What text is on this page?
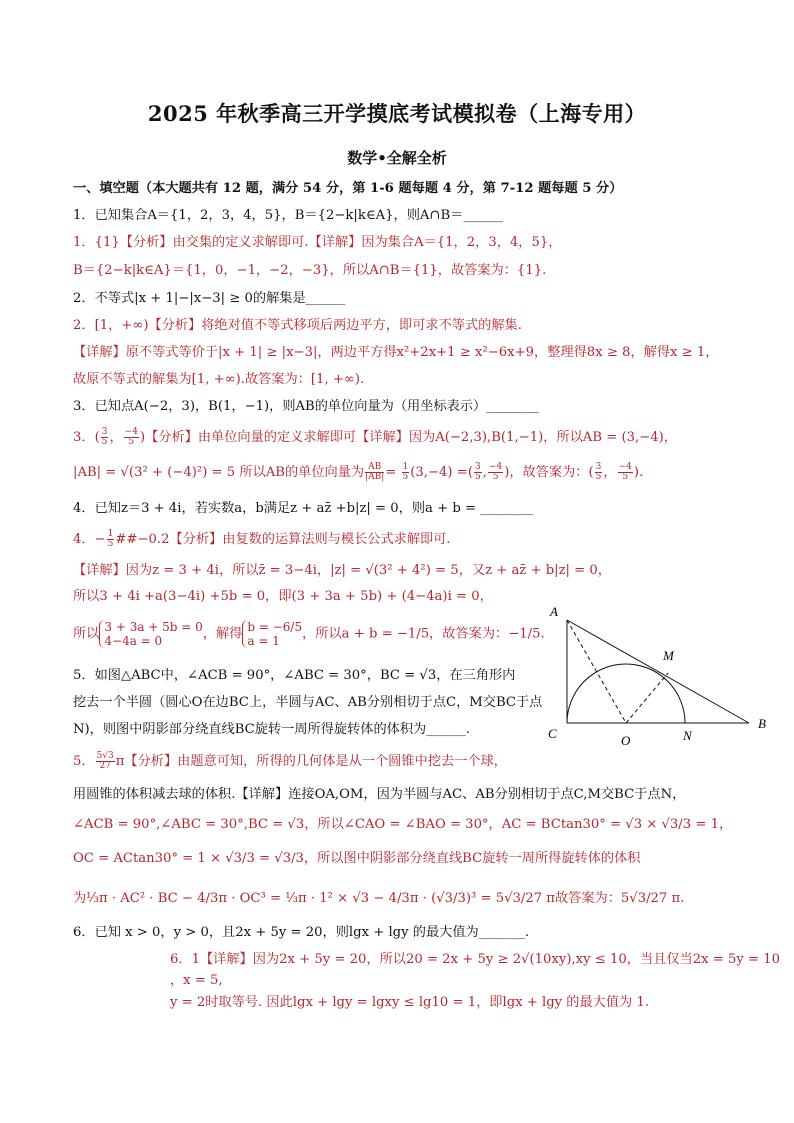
2025 年秋季高三开学摸底考试模拟卷（上海专用）
数学•全解全析
一、填空题（本大题共有 12 题，满分 54 分，第 1-6 题每题 4 分，第 7-12 题每题 5 分）
1．已知集合A＝{1，2，3，4，5}，B＝{2−k|k∈A}，则A∩B＝______
1．{1}【分析】由交集的定义求解即可.【详解】因为集合A＝{1，2，3，4，5}，
B＝{2−k|k∈A}＝{1，0，−1，−2，−3}，所以A∩B＝{1}，故答案为：{1}.
2．不等式|x + 1|−|x−3| ≥ 0的解集是______
2．[1，+∞)【分析】将绝对值不等式移项后两边平方，即可求不等式的解集.
【详解】原不等式等价于|x + 1| ≥ |x−3|，两边平方得x²+2x+1 ≥ x²−6x+9，整理得8x ≥ 8，解得x ≥ 1，
故原不等式的解集为[1, +∞).故答案为：[1, +∞).
3．已知点A(−2，3)，B(1，−1)，则AB的单位向量为（用坐标表示）________
3．( $\frac{3}{5}$ ， $\frac{-4}{5}$ )【分析】由单位向量的定义求解即可【详解】因为A(−2,3),B(1,−1)，所以AB = (3,−4)，
|AB| = √(3² + (−4)²) = 5 所以AB的单位向量为 $\frac{AB}{|AB|} = \frac{1}{5} (3,-4)$ =( $\frac{3}{5}$ , $\frac{-4}{5}$ )，故答案为：( $\frac{3}{5}$ ， $\frac{-4}{5}$ ).
4．已知z＝3 + 4i，若实数a，b满足z + az̄ +b|z| = 0，则a + b = ________
4．− $\frac{1}{5}$ ##−0.2【分析】由复数的运算法则与模长公式求解即可.
【详解】因为z = 3 + 4i，所以z̄ = 3−4i，|z| = √(3² + 4²) = 5，又z + az̄ + b|z| = 0，
所以3 + 4i +a(3−4i) +5b = 0，即(3 + 3a + 5b) + (4−4a)i = 0，
所以 3 + 3a + 5b = 0
4−4a = 0	，解得 b = −6/5
a = 1	，所以a + b = −1/5，故答案为：−1/5.
5．如图△ABC中，∠ACB = 90°，∠ABC = 30°，BC = √3，在三角形内
挖去一个半圆（圆心O在边BC上，半圆与AC、AB分别相切于点C，M交BC于点
N)，则图中阴影部分绕直线BC旋转一周所得旋转体的体积为______.
5． $\frac{5√3}{27}$ π【分析】由题意可知，所得的几何体是从一个圆锥中挖去一个球，
用圆锥的体积减去球的体积.【详解】连接OA,OM，因为半圆与AC、AB分别相切于点C,M交BC于点N，
∠ACB = 90°,∠ABC = 30°,BC = √3，所以∠CAO = ∠BAO = 30°，AC = BCtan30° = √3 × √3/3 = 1，
OC = ACtan30° = 1 × √3/3 = √3/3，所以图中阴影部分绕直线BC旋转一周所得旋转体的体积
为⅓π · AC² · BC − 4/3π · OC³ = ⅓π · 1² × √3 − 4/3π · (√3/3)³ = 5√3/27 π故答案为：5√3/27 π.
6．已知 x > 0，y > 0，且2x + 5y = 20，则lgx + lgy 的最大值为_______.
6．1【详解】因为2x + 5y = 20，所以20 = 2x + 5y ≥ 2√(10xy),xy ≤ 10，当且仅当2x = 5y = 10
，x = 5,
y = 2时取等号. 因此lgx + lgy = lgxy ≤ lg10 = 1，即lgx + lgy 的最大值为 1.
A
M
B
C	O	N
